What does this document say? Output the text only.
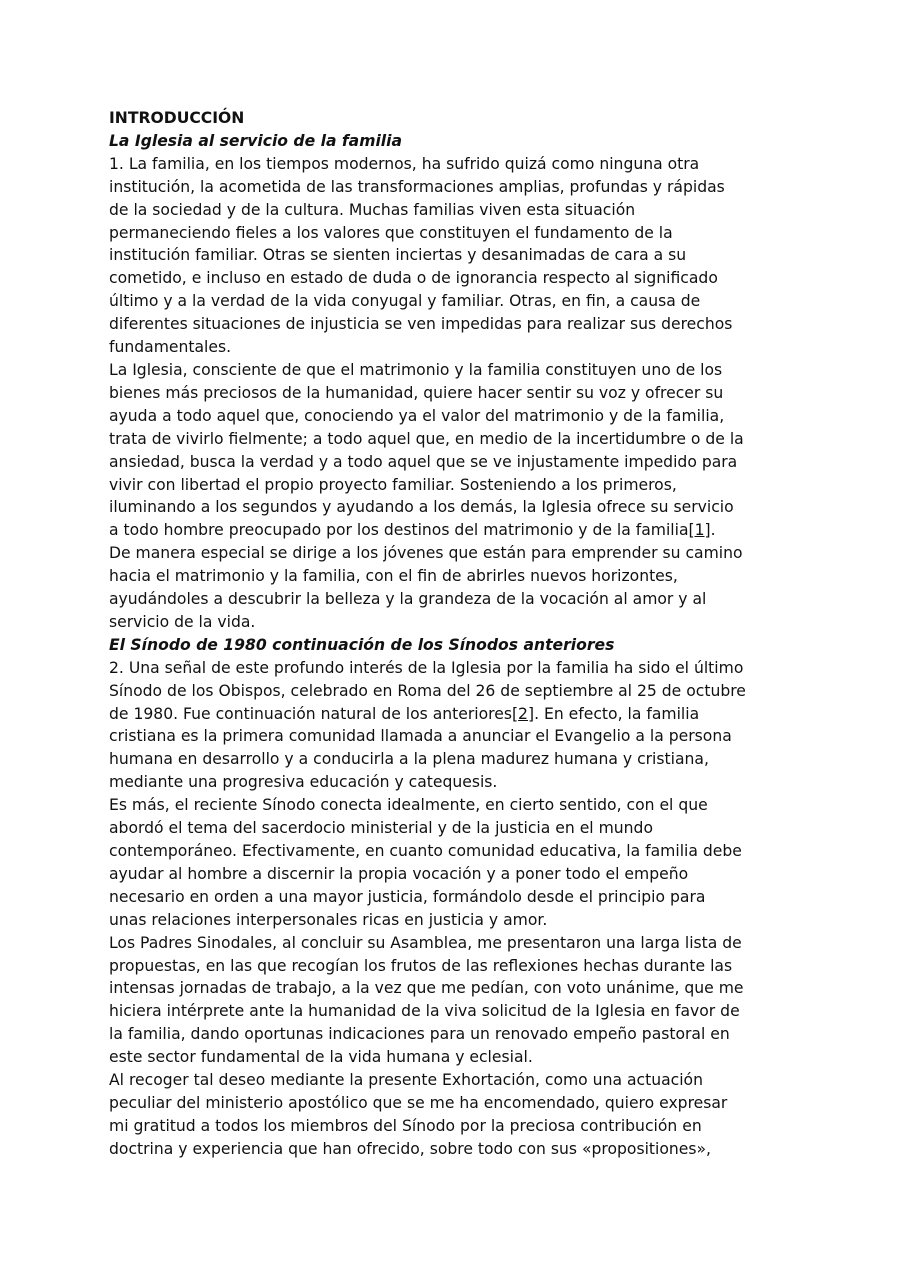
INTRODUCCIÓN

La Iglesia al servicio de la familia

1. La familia, en los tiempos modernos, ha sufrido quizá como ninguna otra
institución, la acometida de las transformaciones amplias, profundas y rápidas
de la sociedad y de la cultura. Muchas familias viven esta situación
permaneciendo fieles a los valores que constituyen el fundamento de la
institución familiar. Otras se sienten inciertas y desanimadas de cara a su
cometido, e incluso en estado de duda o de ignorancia respecto al significado
último y a la verdad de la vida conyugal y familiar. Otras, en fin, a causa de
diferentes situaciones de injusticia se ven impedidas para realizar sus derechos
fundamentales.

La Iglesia, consciente de que el matrimonio y la familia constituyen uno de los
bienes más preciosos de la humanidad, quiere hacer sentir su voz y ofrecer su
ayuda a todo aquel que, conociendo ya el valor del matrimonio y de la familia,
trata de vivirlo fielmente; a todo aquel que, en medio de la incertidumbre o de la
ansiedad, busca la verdad y a todo aquel que se ve injustamente impedido para
vivir con libertad el propio proyecto familiar. Sosteniendo a los primeros,
iluminando a los segundos y ayudando a los demás, la Iglesia ofrece su servicio
a todo hombre preocupado por los destinos del matrimonio y de la familia[1].
De manera especial se dirige a los jóvenes que están para emprender su camino
hacia el matrimonio y la familia, con el fin de abrirles nuevos horizontes,
ayudándoles a descubrir la belleza y la grandeza de la vocación al amor y al
servicio de la vida.

El Sínodo de 1980 continuación de los Sínodos anteriores

2. Una señal de este profundo interés de la Iglesia por la familia ha sido el último
Sínodo de los Obispos, celebrado en Roma del 26 de septiembre al 25 de octubre
de 1980. Fue continuación natural de los anteriores[2]. En efecto, la familia
cristiana es la primera comunidad llamada a anunciar el Evangelio a la persona
humana en desarrollo y a conducirla a la plena madurez humana y cristiana,
mediante una progresiva educación y catequesis.

Es más, el reciente Sínodo conecta idealmente, en cierto sentido, con el que
abordó el tema del sacerdocio ministerial y de la justicia en el mundo
contemporáneo. Efectivamente, en cuanto comunidad educativa, la familia debe
ayudar al hombre a discernir la propia vocación y a poner todo el empeño
necesario en orden a una mayor justicia, formándolo desde el principio para
unas relaciones interpersonales ricas en justicia y amor.

Los Padres Sinodales, al concluir su Asamblea, me presentaron una larga lista de
propuestas, en las que recogían los frutos de las reflexiones hechas durante las
intensas jornadas de trabajo, a la vez que me pedían, con voto unánime, que me
hiciera intérprete ante la humanidad de la viva solicitud de la Iglesia en favor de
la familia, dando oportunas indicaciones para un renovado empeño pastoral en
este sector fundamental de la vida humana y eclesial.

Al recoger tal deseo mediante la presente Exhortación, como una actuación
peculiar del ministerio apostólico que se me ha encomendado, quiero expresar
mi gratitud a todos los miembros del Sínodo por la preciosa contribución en
doctrina y experiencia que han ofrecido, sobre todo con sus «propositiones»,
